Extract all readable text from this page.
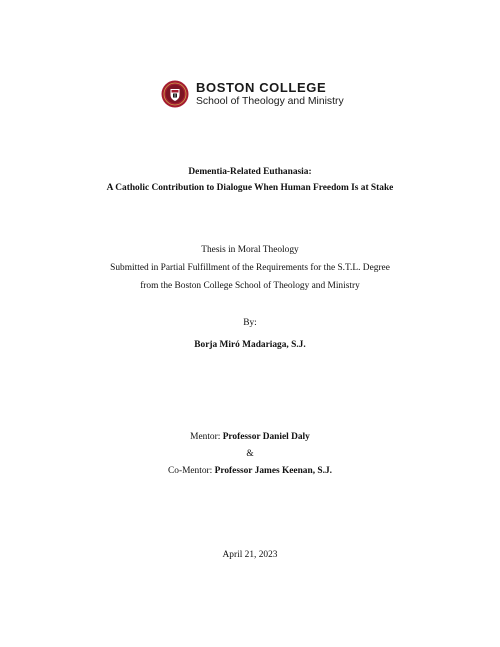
BOSTON COLLEGE
School of Theology and Ministry
Dementia-Related Euthanasia:
A Catholic Contribution to Dialogue When Human Freedom Is at Stake
Thesis in Moral Theology
Submitted in Partial Fulfillment of the Requirements for the S.T.L. Degree
from the Boston College School of Theology and Ministry
By:
Borja Miró Madariaga, S.J.
Mentor: Professor Daniel Daly
&
Co-Mentor: Professor James Keenan, S.J.
April 21, 2023
